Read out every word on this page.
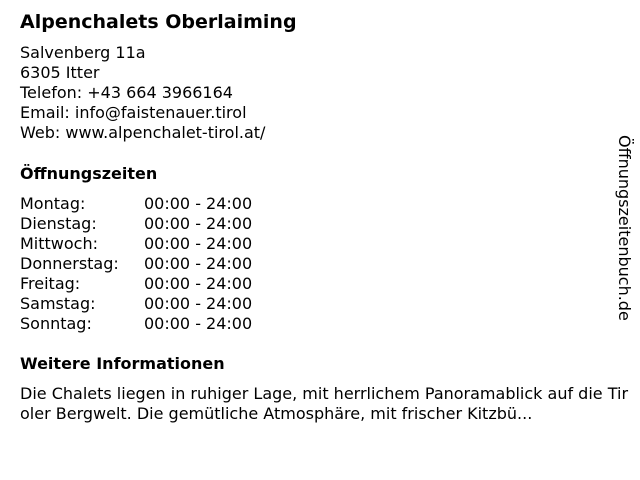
Alpenchalets Oberlaiming
Salvenberg 11a
6305 Itter
Telefon: +43 664 3966164
Email: info@faistenauer.tirol
Web: www.alpenchalet-tirol.at/
Öffnungszeiten
Montag:	00:00 - 24:00
Dienstag:	00:00 - 24:00
Mittwoch:	00:00 - 24:00
Donnerstag: 00:00 - 24:00
Freitag:	00:00 - 24:00
Samstag:	00:00 - 24:00
Sonntag:	00:00 - 24:00
Weitere Informationen
Die Chalets liegen in ruhiger Lage, mit herrlichem Panoramablick auf die Tiroler Bergwelt. Die gemütliche Atmosphäre, mit frischer Kitzbü...
Öffnungszeitenbuch.de
